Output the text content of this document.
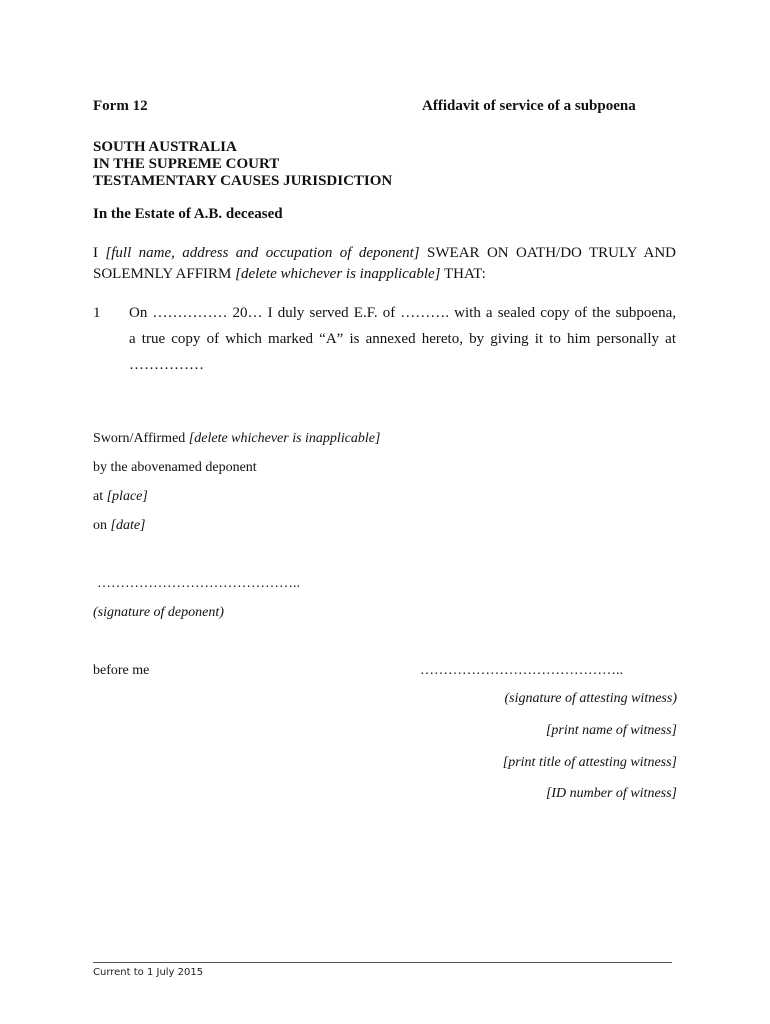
Form 12	Affidavit of service of a subpoena
SOUTH AUSTRALIA
IN THE SUPREME COURT
TESTAMENTARY CAUSES JURISDICTION
In the Estate of A.B. deceased
I [full name, address and occupation of deponent] SWEAR ON OATH/DO TRULY AND SOLEMNLY AFFIRM [delete whichever is inapplicable] THAT:
1 On …………… 20… I duly served E.F. of ………. with a sealed copy of the subpoena,
a true copy of which marked “A” is annexed hereto, by giving it to him personally at
……………
Sworn/Affirmed [delete whichever is inapplicable]
by the abovenamed deponent
at [place]
on [date]
……………………………………..
(signature of deponent)
before me	……………………………………..
(signature of attesting witness)
[print name of witness]
[print title of attesting witness]
[ID number of witness]
Current to 1 July 2015
